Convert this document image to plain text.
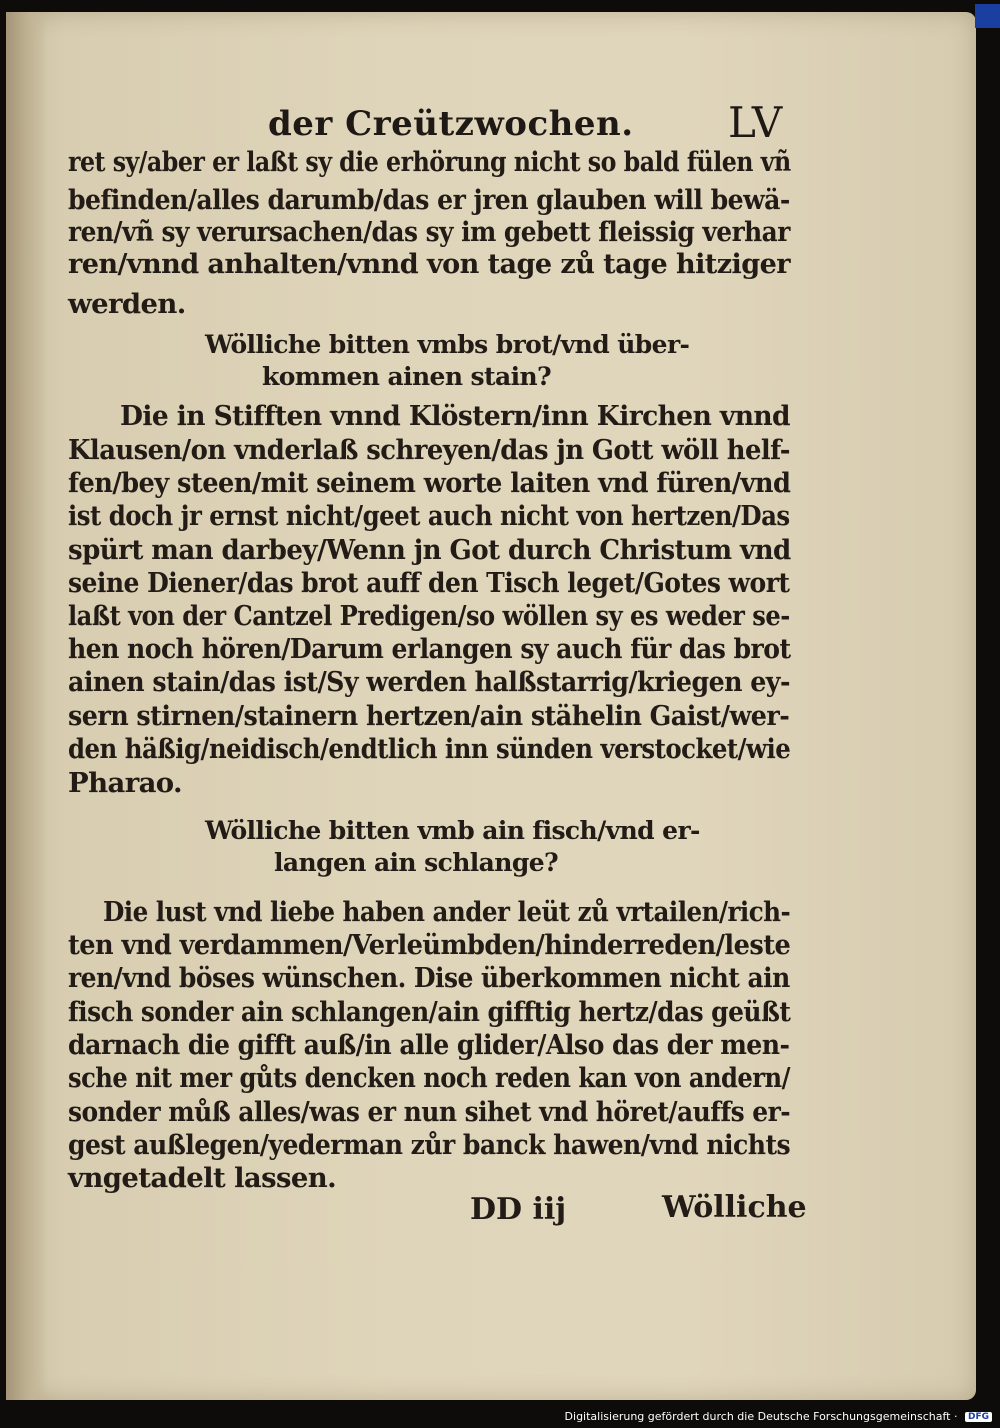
der Creützwochen. LV
ret sy/aber er laßt sy die erhörung nicht so bald fülen vñ
befinden/alles darumb/das er jren glauben will bewä-
ren/vñ sy verursachen/das sy im gebett fleissig verhar
ren/vnnd anhalten/vnnd von tage zů tage hitziger
werden.
Wölliche bitten vmbs brot/vnd über-
kommen ainen stain?
Die in Stifften vnnd Klöstern/inn Kirchen vnnd
Klausen/on vnderlaß schreyen/das jn Gott wöll helf-
fen/bey steen/mit seinem worte laiten vnd füren/vnd
ist doch jr ernst nicht/geet auch nicht von hertzen/Das
spürt man darbey/Wenn jn Got durch Christum vnd
seine Diener/das brot auff den Tisch leget/Gotes wort
laßt von der Cantzel Predigen/so wöllen sy es weder se-
hen noch hören/Darum erlangen sy auch für das brot
ainen stain/das ist/Sy werden halßstarrig/kriegen ey-
sern stirnen/stainern hertzen/ain stähelin Gaist/wer-
den häßig/neidisch/endtlich inn sünden verstocket/wie
Pharao.
Wölliche bitten vmb ain fisch/vnd er-
langen ain schlange?
Die lust vnd liebe haben ander leüt zů vrtailen/rich-
ten vnd verdammen/Verleümbden/hinderreden/leste
ren/vnd böses wünschen. Dise überkommen nicht ain
fisch sonder ain schlangen/ain gifftig hertz/das geüßt
darnach die gifft auß/in alle glider/Also das der men-
sche nit mer gůts dencken noch reden kan von andern/
sonder můß alles/was er nun sihet vnd höret/auffs er-
gest außlegen/yederman zůr banck hawen/vnd nichts
vngetadelt lassen.
DD iij	Wölliche
Digitalisierung gefördert durch die Deutsche Forschungsgemeinschaft · DFG
